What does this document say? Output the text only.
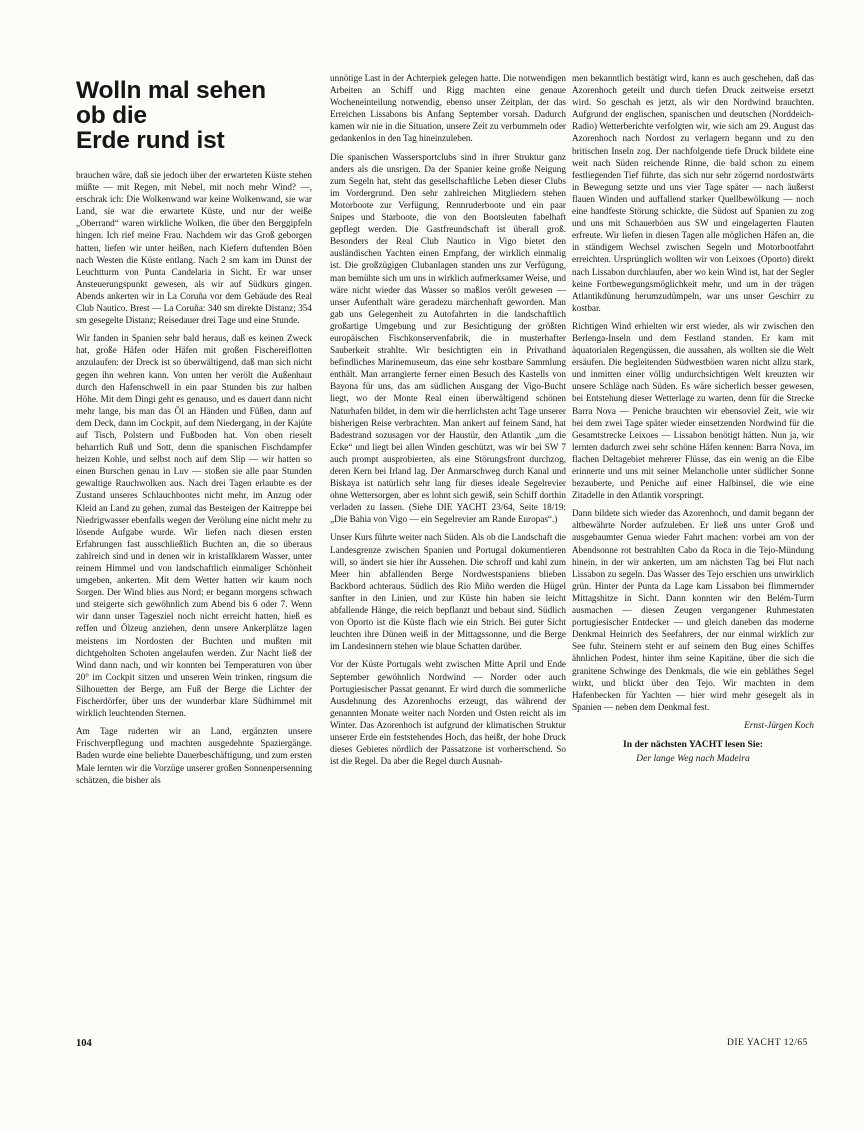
Wolln mal sehen
ob die
Erde rund ist

brauchen wäre, daß sie jedoch über der erwarteten Küste stehen müßte — mit Regen, mit Nebel, mit noch mehr Wind? —, erschrak ich: Die Wolkenwand war keine Wolkenwand, sie war Land, sie war die erwartete Küste, und nur der weiße „Oberrand“ waren wirkliche Wolken, die über den Berggipfeln hingen. Ich rief meine Frau. Nachdem wir das Groß geborgen hatten, liefen wir unter heißen, nach Kiefern duftenden Böen nach Westen die Küste entlang. Nach 2 sm kam im Dunst der Leuchtturm von Punta Candelaria in Sicht. Er war unser Ansteuerungspunkt gewesen, als wir auf Südkurs gingen. Abends ankerten wir in La Coruña vor dem Gebäude des Real Club Nautico. Brest — La Coruña: 340 sm direkte Distanz; 354 sm gesegelte Distanz; Reisedauer drei Tage und eine Stunde.

Wir fanden in Spanien sehr bald heraus, daß es keinen Zweck hat, große Häfen oder Häfen mit großen Fischereiflotten anzulaufen: der Dreck ist so überwältigend, daß man sich nicht gegen ihn wehren kann. Von unten her verölt die Außenhaut durch den Hafenschwell in ein paar Stunden bis zur halben Höhe. Mit dem Dingi geht es genauso, und es dauert dann nicht mehr lange, bis man das Öl an Händen und Füßen, dann auf dem Deck, dann im Cockpit, auf dem Niedergang, in der Kajüte auf Tisch, Polstern und Fußboden hat. Von oben rieselt beharrlich Ruß und Sott, denn die spanischen Fischdampfer heizen Kohle, und selbst noch auf dem Slip — wir hatten so einen Burschen genau in Luv — stoßen sie alle paar Stunden gewaltige Rauchwolken aus. Nach drei Tagen erlaubte es der Zustand unseres Schlauchbootes nicht mehr, im Anzug oder Kleid an Land zu gehen, zumal das Besteigen der Kaitreppe bei Niedrigwasser ebenfalls wegen der Verölung eine nicht mehr zu lösende Aufgabe wurde. Wir liefen nach diesen ersten Erfahrungen fast ausschließlich Buchten an, die so überaus zahlreich sind und in denen wir in kristallklarem Wasser, unter reinem Himmel und von landschaftlich einmaliger Schönheit umgeben, ankerten. Mit dem Wetter hatten wir kaum noch Sorgen. Der Wind blies aus Nord; er begann morgens schwach und steigerte sich gewöhnlich zum Abend bis 6 oder 7. Wenn wir dann unser Tagesziel noch nicht erreicht hatten, hieß es reffen und Ölzeug anziehen, denn unsere Ankerplätze lagen meistens im Nordosten der Buchten und mußten mit dichtgeholten Schoten angelaufen werden. Zur Nacht ließ der Wind dann nach, und wir konnten bei Temperaturen von über 20° im Cockpit sitzen und unseren Wein trinken, ringsum die Silhouetten der Berge, am Fuß der Berge die Lichter der Fischerdörfer, über uns der wunderbar klare Südhimmel mit wirklich leuchtenden Sternen.

Am Tage ruderten wir an Land, ergänzten unsere Frischverpflegung und machten ausgedehnte Spaziergänge. Baden wurde eine beliebte Dauerbeschäftigung, und zum ersten Male lernten wir die Vorzüge unserer großen Sonnenpersenning schätzen, die bisher als

unnötige Last in der Achterpiek gelegen hatte. Die notwendigen Arbeiten an Schiff und Rigg machten eine genaue Wocheneinteilung notwendig, ebenso unser Zeitplan, der das Erreichen Lissabons bis Anfang September vorsah. Dadurch kamen wir nie in die Situation, unsere Zeit zu verbummeln oder gedankenlos in den Tag hineinzuleben.

Die spanischen Wassersportclubs sind in ihrer Struktur ganz anders als die unsrigen. Da der Spanier keine große Neigung zum Segeln hat, steht das gesellschaftliche Leben dieser Clubs im Vordergrund. Den sehr zahlreichen Mitgliedern stehen Motorboote zur Verfügung, Rennruderboote und ein paar Snipes und Starboote, die von den Bootsleuten fabelhaft gepflegt werden. Die Gastfreundschaft ist überall groß. Besonders der Real Club Nautico in Vigo bietet den ausländischen Yachten einen Empfang, der wirklich einmalig ist. Die großzügigen Clubanlagen standen uns zur Verfügung, man bemühte sich um uns in wirklich aufmerksamer Weise, und wäre nicht wieder das Wasser so maßlos verölt gewesen — unser Aufenthalt wäre geradezu märchenhaft geworden. Man gab uns Gelegenheit zu Autofahrten in die landschaftlich großartige Umgebung und zur Besichtigung der größten europäischen Fischkonservenfabrik, die in musterhafter Sauberkeit strahlte. Wir besichtigten ein in Privathand befindliches Marinemuseum, das eine sehr kostbare Sammlung enthält. Man arrangierte ferner einen Besuch des Kastells von Bayona für uns, das am südlichen Ausgang der Vigo-Bucht liegt, wo der Monte Real einen überwältigend schönen Naturhafen bildet, in dem wir die herrlichsten acht Tage unserer bisherigen Reise verbrachten. Man ankert auf feinem Sand, hat Badestrand sozusagen vor der Haustür, den Atlantik „um die Ecke“ und liegt bei allen Winden geschützt, was wir bei SW 7 auch prompt ausprobierten, als eine Störungsfront durchzog, deren Kern bei Irland lag. Der Anmarschweg durch Kanal und Biskaya ist natürlich sehr lang für dieses ideale Segelrevier ohne Wettersorgen, aber es lohnt sich gewiß, sein Schiff dorthin verladen zu lassen. (Siehe DIE YACHT 23/64, Seite 18/19: „Die Bahia von Vigo — ein Segelrevier am Rande Europas“.)

Unser Kurs führte weiter nach Süden. Als ob die Landschaft die Landesgrenze zwischen Spanien und Portugal dokumentieren will, so ändert sie hier ihr Aussehen. Die schroff und kahl zum Meer hin abfallenden Berge Nordwestspaniens blieben Backbord achteraus. Südlich des Rio Miño werden die Hügel sanfter in den Linien, und zur Küste hin haben sie leicht abfallende Hänge, die reich bepflanzt und bebaut sind. Südlich von Oporto ist die Küste flach wie ein Strich. Bei guter Sicht leuchten ihre Dünen weiß in der Mittagssonne, und die Berge im Landesinnern stehen wie blaue Schatten darüber.

Vor der Küste Portugals weht zwischen Mitte April und Ende September gewöhnlich Nordwind — Norder oder auch Portugiesischer Passat genannt. Er wird durch die sommerliche Ausdehnung des Azorenhochs erzeugt, das während der genannten Monate weiter nach Norden und Osten reicht als im Winter. Das Azorenhoch ist aufgrund der klimatischen Struktur unserer Erde ein feststehendes Hoch, das heißt, der hohe Druck dieses Gebietes nördlich der Passatzone ist vorherrschend. So ist die Regel. Da aber die Regel durch Ausnah-

men bekanntlich bestätigt wird, kann es auch geschehen, daß das Azorenhoch geteilt und durch tiefen Druck zeitweise ersetzt wird. So geschah es jetzt, als wir den Nordwind brauchten. Aufgrund der englischen, spanischen und deutschen (Norddeich-Radio) Wetterberichte verfolgten wir, wie sich am 29. August das Azorenhoch nach Nordost zu verlagern begann und zu den britischen Inseln zog. Der nachfolgende tiefe Druck bildete eine weit nach Süden reichende Rinne, die bald schon zu einem festliegenden Tief führte, das sich nur sehr zögernd nordostwärts in Bewegung setzte und uns vier Tage später — nach äußerst flauen Winden und auffallend starker Quellbewölkung — noch eine handfeste Störung schickte, die Südost auf Spanien zu zog und uns mit Schauerböen aus SW und eingelagerten Flauten erfreute. Wir liefen in diesen Tagen alle möglichen Häfen an, die in ständigem Wechsel zwischen Segeln und Motorbootfahrt erreichten. Ursprünglich wollten wir von Leixoes (Oporto) direkt nach Lissabon durchlaufen, aber wo kein Wind ist, hat der Segler keine Fortbewegungsmöglichkeit mehr, und um in der trägen Atlantikdünung herumzudümpeln, war uns unser Geschirr zu kostbar.

Richtigen Wind erhielten wir erst wieder, als wir zwischen den Berlenga-Inseln und dem Festland standen. Er kam mit äquatorialen Regengüssen, die aussahen, als wollten sie die Welt ersäufen. Die begleitenden Südwestböen waren nicht allzu stark, und inmitten einer völlig undurchsichtigen Welt kreuzten wir unsere Schläge nach Süden. Es wäre sicherlich besser gewesen, bei Entstehung dieser Wetterlage zu warten, denn für die Strecke Barra Nova — Peniche brauchten wir ebensoviel Zeit, wie wir bei dem zwei Tage später wieder einsetzenden Nordwind für die Gesamtstrecke Leixoes — Lissabon benötigt hätten. Nun ja, wir lernten dadurch zwei sehr schöne Häfen kennen: Barra Nova, im flachen Deltagebiet mehrerer Flüsse, das ein wenig an die Elbe erinnerte und uns mit seiner Melancholie unter südlicher Sonne bezauberte, und Peniche auf einer Halbinsel, die wie eine Zitadelle in den Atlantik vorspringt.

Dann bildete sich wieder das Azorenhoch, und damit begann der altbewährte Norder aufzuleben. Er ließ uns unter Groß und ausgebaumter Genua wieder Fahrt machen: vorbei am von der Abendsonne rot bestrahlten Cabo da Roca in die Tejo-Mündung hinein, in der wir ankerten, um am nächsten Tag bei Flut nach Lissabon zu segeln. Das Wasser des Tejo erschien uns unwirklich grün. Hinter der Punta da Lage kam Lissabon bei flimmernder Mittagshitze in Sicht. Dann konnten wir den Belém-Turm ausmachen — diesen Zeugen vergangener Ruhmestaten portugiesischer Entdecker — und gleich daneben das moderne Denkmal Heinrich des Seefahrers, der nur einmal wirklich zur See fuhr. Steinern steht er auf seinem den Bug eines Schiffes ähnlichen Podest, hinter ihm seine Kapitäne, über die sich die granitene Schwinge des Denkmals, die wie ein gebläthes Segel wirkt, und blickt über den Tejo. Wir machten in dem Hafenbecken für Yachten — hier wird mehr gesegelt als in Spanien — neben dem Denkmal fest.

Ernst-Jürgen Koch
In der nächsten YACHT lesen Sie:
Der lange Weg nach Madeira
104	DIE YACHT 12/65
